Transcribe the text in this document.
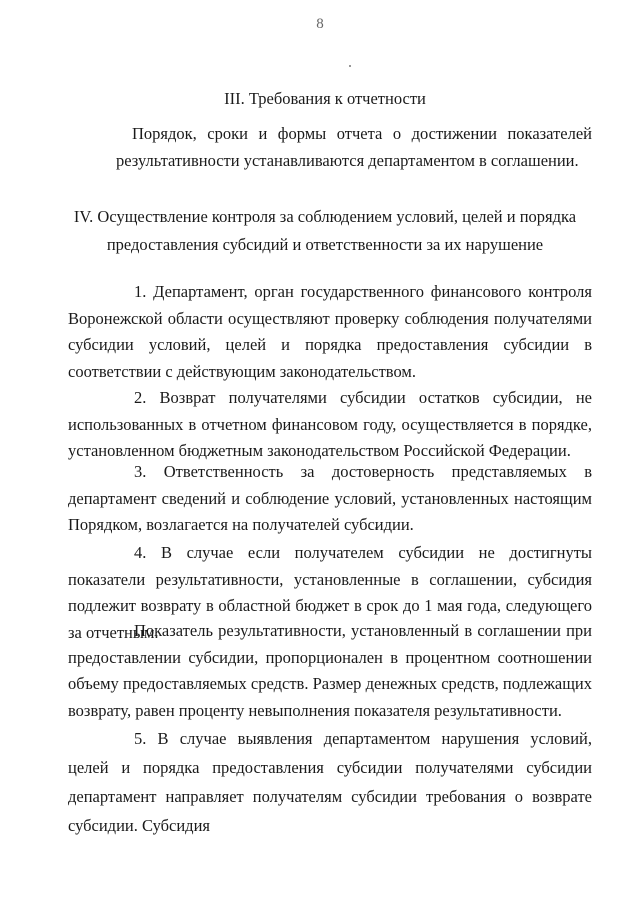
8
III. Требования к отчетности

Порядок, сроки и формы отчета о достижении показателей результативности устанавливаются департаментом в соглашении.

IV. Осуществление контроля за соблюдением условий, целей и порядка
предоставления субсидий и ответственности за их нарушение

1. Департамент, орган государственного финансового контроля Воронежской области осуществляют проверку соблюдения получателями субсидии условий, целей и порядка предоставления субсидии в соответствии с действующим законодательством.

2. Возврат получателями субсидии остатков субсидии, не использованных в отчетном финансовом году, осуществляется в порядке, установленном бюджетным законодательством Российской Федерации.

3. Ответственность за достоверность представляемых в департамент сведений и соблюдение условий, установленных настоящим Порядком, возлагается на получателей субсидии.

4. В случае если получателем субсидии не достигнуты показатели результативности, установленные в соглашении, субсидия подлежит возврату в областной бюджет в срок до 1 мая года, следующего за отчетным.

Показатель результативности, установленный в соглашении при предоставлении субсидии, пропорционален в процентном соотношении объему предоставляемых средств. Размер денежных средств, подлежащих возврату, равен проценту невыполнения показателя результативности.

5. В случае выявления департаментом нарушения условий, целей и порядка предоставления субсидии получателями субсидии департамент направляет получателям субсидии требования о возврате субсидии. Субсидия
